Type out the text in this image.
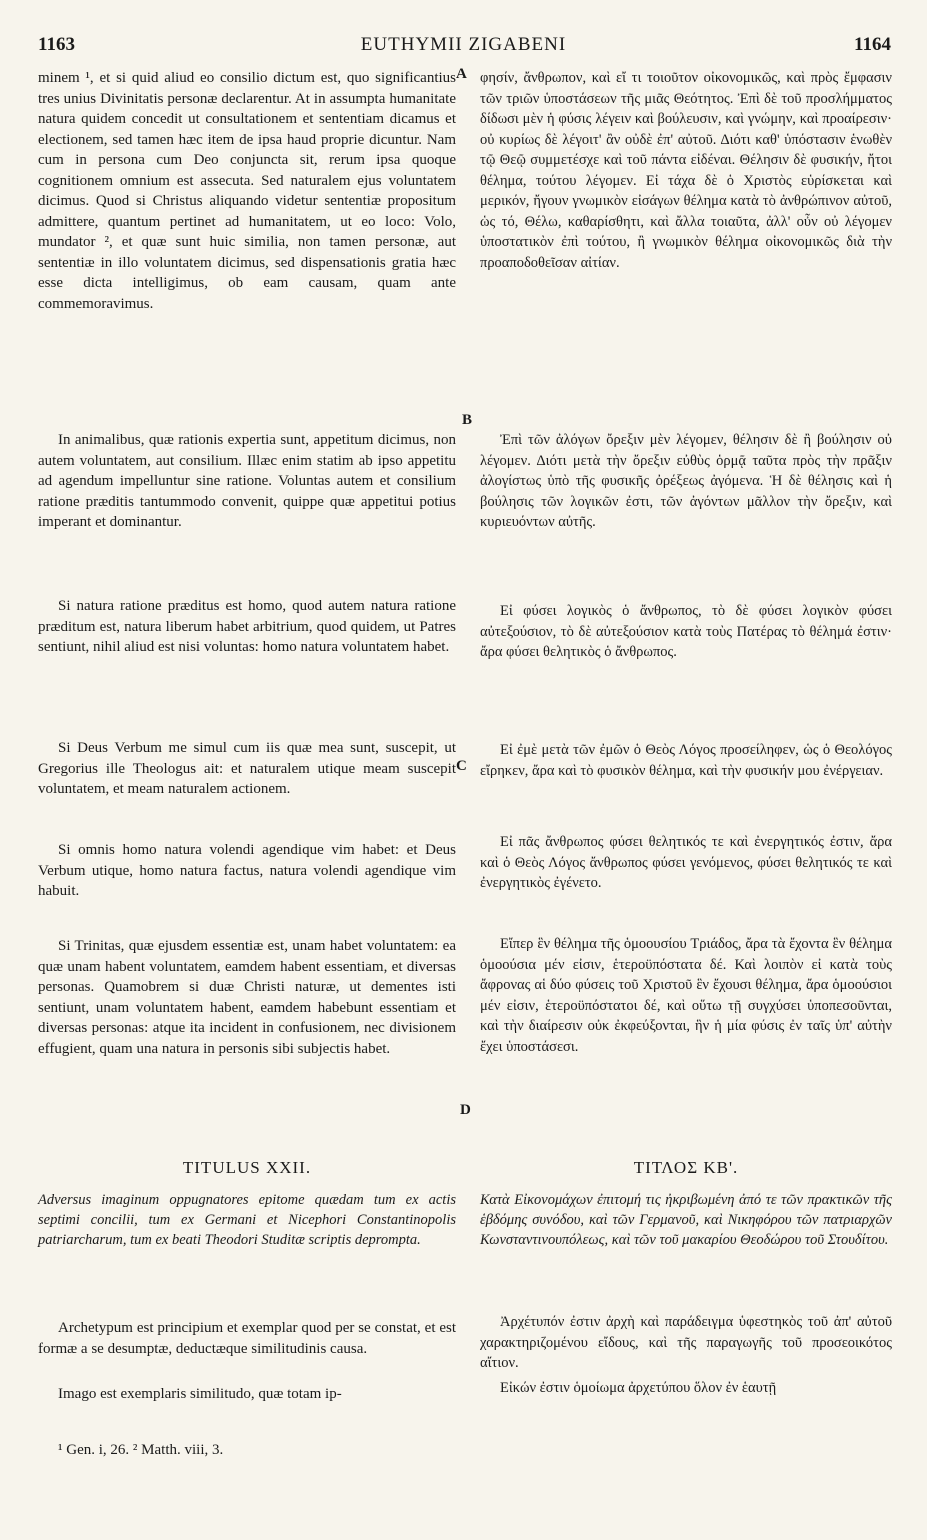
EUTHYMII ZIGABENI
1163	1164

minem ¹, et si quid aliud eo consilio dictum est, quo significantius tres unius Divinitatis personæ declarentur. At in assumpta humanitate natura quidem concedit ut consultationem et sententiam dicamus et electionem, sed tamen hæc item de ipsa haud proprie dicuntur. Nam cum in persona cum Deo conjuncta sit, rerum ipsa quoque cognitionem omnium est assecuta. Sed naturalem ejus voluntatem dicimus. Quod si Christus aliquando videtur sententiæ propositum admittere, quantum pertinet ad humanitatem, ut eo loco: Volo, mundator ², et quæ sunt huic similia, non tamen personæ, aut sententiæ in illo voluntatem dicimus, sed dispensationis gratia hæc esse dicta intelligimus, ob eam causam, quam ante commemoravimus.

In animalibus, quæ rationis expertia sunt, appetitum dicimus, non autem voluntatem, aut consilium. Illæc enim statim ab ipso appetitu ad agendum impelluntur sine ratione. Voluntas autem et consilium ratione præditis tantummodo convenit, quippe quæ appetitui potius imperant et dominantur.

Si natura ratione præditus est homo, quod autem natura ratione præditum est, natura liberum habet arbitrium, quod quidem, ut Patres sentiunt, nihil aliud est nisi voluntas: homo natura voluntatem habet.

Si Deus Verbum me simul cum iis quæ mea sunt, suscepit, ut Gregorius ille Theologus ait: et naturalem utique meam suscepit voluntatem, et meam naturalem actionem.

Si omnis homo natura volendi agendique vim habet: et Deus Verbum utique, homo natura factus, natura volendi agendique vim habuit.

Si Trinitas, quæ ejusdem essentiæ est, unam habet voluntatem: ea quæ unam habent voluntatem, eamdem habent essentiam, et diversas personas. Quamobrem si duæ Christi naturæ, ut dementes isti sentiunt, unam voluntatem habent, eamdem habebunt essentiam et diversas personas: atque ita incident in confusionem, nec divisionem effugient, quam una natura in personis sibi subjectis habet.

TITULUS XXII.
Adversus imaginum oppugnatores epitome quædam tum ex actis septimi concilii, tum ex Germani et Nicephori Constantinopolis patriarcharum, tum ex beati Theodori Studitæ scriptis deprompta.

Archetypum est principium et exemplar quod per se constat, et est formæ a se desumptæ, deductæque similitudinis causa.

Imago est exemplaris similitudo, quæ totam ip-

φησίν, ἄνθρωπον, καὶ εἴ τι τοιοῦτον οἰκονομικῶς, καὶ πρὸς ἔμφασιν τῶν τριῶν ὑποστάσεων τῆς μιᾶς Θεότητος. Ἐπὶ δὲ τοῦ προσλήμματος δίδωσι μὲν ἡ φύσις λέγειν καὶ βούλευσιν, καὶ γνώμην, καὶ προαίρεσιν· οὐ κυρίως δὲ λέγοιτ' ἂν οὐδὲ ἐπ' αὐτοῦ. Διότι καθ' ὑπόστασιν ἑνωθὲν τῷ Θεῷ συμμετέσχε καὶ τοῦ πάντα εἰδέναι. Θέλησιν δὲ φυσικήν, ἤτοι θέλημα, τούτου λέγομεν. Εἰ τάχα δὲ ὁ Χριστὸς εὑρίσκεται καὶ μερικόν, ἤγουν γνωμικὸν εἰσάγων θέλημα κατὰ τὸ ἀνθρώπινον αὐτοῦ, ὡς τό, Θέλω, καθαρίσθητι, καὶ ἄλλα τοιαῦτα, ἀλλ' οὖν οὐ λέγομεν ὑποστατικὸν ἐπὶ τούτου, ἢ γνωμικὸν θέλημα οἰκονομικῶς διὰ τὴν προαποδοθεῖσαν αἰτίαν.

Ἐπὶ τῶν ἀλόγων ὄρεξιν μὲν λέγομεν, θέλησιν δὲ ἢ βούλησιν οὐ λέγομεν. Διότι μετὰ τὴν ὄρεξιν εὐθὺς ὁρμᾷ ταῦτα πρὸς τὴν πρᾶξιν ἀλογίστως ὑπὸ τῆς φυσικῆς ὀρέξεως ἀγόμενα. Ἡ δὲ θέλησις καὶ ἡ βούλησις τῶν λογικῶν ἐστι, τῶν ἀγόντων μᾶλλον τὴν ὄρεξιν, καὶ κυριευόντων αὐτῆς.

Εἰ φύσει λογικὸς ὁ ἄνθρωπος, τὸ δὲ φύσει λογικὸν φύσει αὐτεξούσιον, τὸ δὲ αὐτεξούσιον κατὰ τοὺς Πατέρας τὸ θέλημά ἐστιν· ἄρα φύσει θελητικὸς ὁ ἄνθρωπος.

Εἰ ἐμὲ μετὰ τῶν ἐμῶν ὁ Θεὸς Λόγος προσείληφεν, ὡς ὁ Θεολόγος εἴρηκεν, ἄρα καὶ τὸ φυσικὸν θέλημα, καὶ τὴν φυσικήν μου ἐνέργειαν.

Εἰ πᾶς ἄνθρωπος φύσει θελητικός τε καὶ ἐνεργητικός ἐστιν, ἄρα καὶ ὁ Θεὸς Λόγος ἄνθρωπος φύσει γενόμενος, φύσει θελητικός τε καὶ ἐνεργητικὸς ἐγένετο.

Εἴπερ ἓν θέλημα τῆς ὁμοουσίου Τριάδος, ἄρα τὰ ἔχοντα ἓν θέλημα ὁμοούσια μέν εἰσιν, ἑτεροϋπόστατα δέ. Καὶ λοιπὸν εἰ κατὰ τοὺς ἄφρονας αἱ δύο φύσεις τοῦ Χριστοῦ ἓν ἔχουσι θέλημα, ἄρα ὁμοούσιοι μέν εἰσιν, ἑτεροϋπόστατοι δέ, καὶ οὕτω τῇ συγχύσει ὑποπεσοῦνται, καὶ τὴν διαίρεσιν οὐκ ἐκφεύξονται, ἣν ἡ μία φύσις ἐν ταῖς ὑπ' αὐτὴν ἔχει ὑποστάσεσι.

ΤΙΤΛΟΣ ΚΒ'.
Κατὰ Εἰκονομάχων ἐπιτομή τις ἠκριβωμένη ἀπό τε τῶν πρακτικῶν τῆς ἑβδόμης συνόδου, καὶ τῶν Γερμανοῦ, καὶ Νικηφόρου τῶν πατριαρχῶν Κωνσταντινουπόλεως, καὶ τῶν τοῦ μακαρίου Θεοδώρου τοῦ Στουδίτου.

Ἀρχέτυπόν ἐστιν ἀρχὴ καὶ παράδειγμα ὑφεστηκὸς τοῦ ἀπ' αὐτοῦ χαρακτηριζομένου εἴδους, καὶ τῆς παραγωγῆς τοῦ προσεοικότος αἴτιον.

Εἰκών ἐστιν ὁμοίωμα ἀρχετύπου ὅλον ἐν ἑαυτῇ

A
B
C
D
¹ Gen. i, 26. ² Matth. viii, 3.
